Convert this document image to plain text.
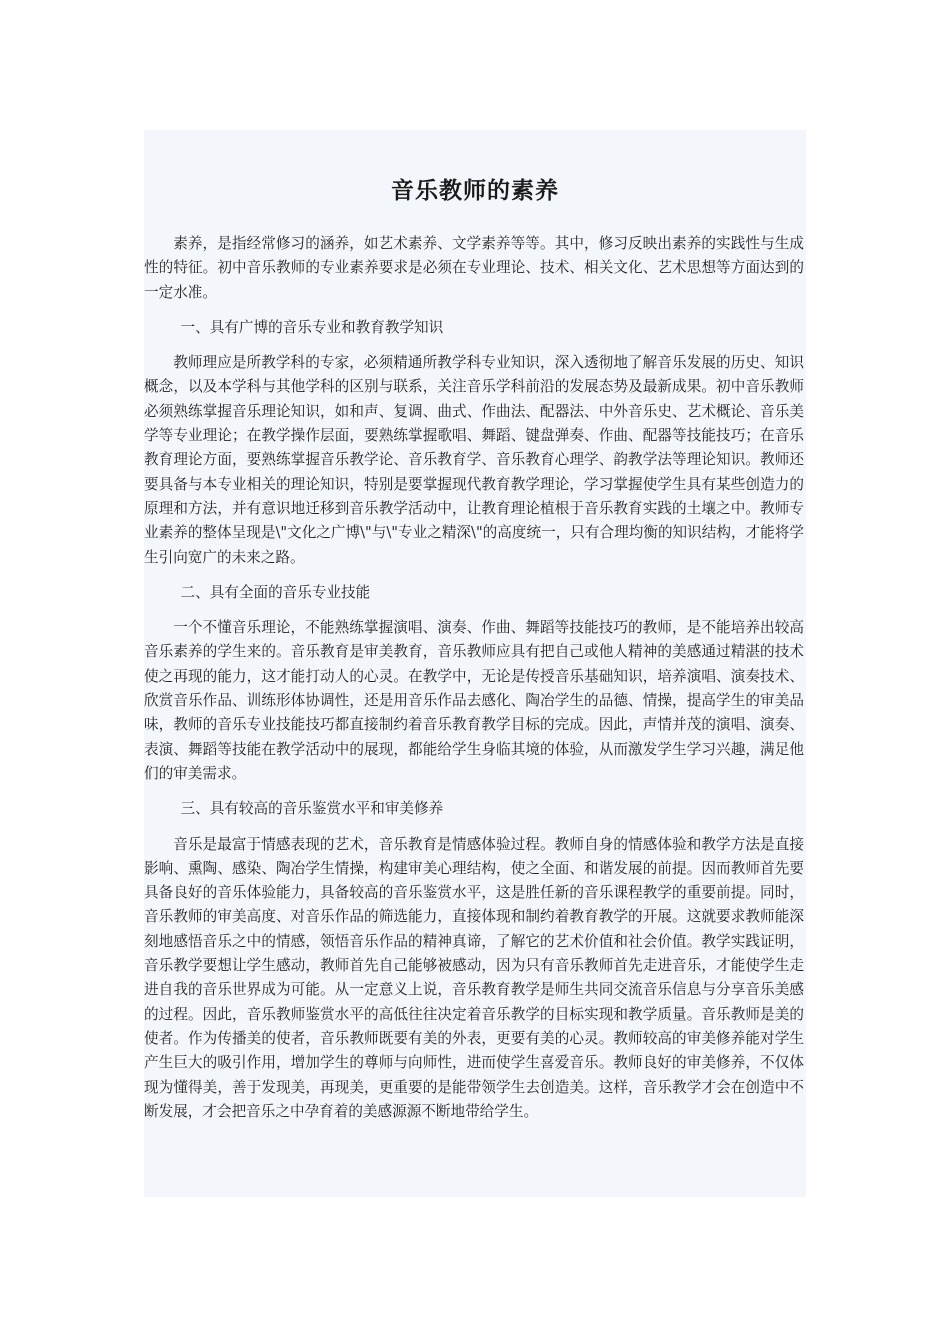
音乐教师的素养

素养，是指经常修习的涵养，如艺术素养、文学素养等等。其中，修习反映出素养的实践性与生成性的特征。初中音乐教师的专业素养要求是必须在专业理论、技术、相关文化、艺术思想等方面达到的一定水准。

一、具有广博的音乐专业和教育教学知识

教师理应是所教学科的专家，必须精通所教学科专业知识，深入透彻地了解音乐发展的历史、知识概念，以及本学科与其他学科的区别与联系，关注音乐学科前沿的发展态势及最新成果。初中音乐教师必须熟练掌握音乐理论知识，如和声、复调、曲式、作曲法、配器法、中外音乐史、艺术概论、音乐美学等专业理论；在教学操作层面，要熟练掌握歌唱、舞蹈、键盘弹奏、作曲、配器等技能技巧；在音乐教育理论方面，要熟练掌握音乐教学论、音乐教育学、音乐教育心理学、韵教学法等理论知识。教师还要具备与本专业相关的理论知识，特别是要掌握现代教育教学理论，学习掌握使学生具有某些创造力的原理和方法，并有意识地迁移到音乐教学活动中，让教育理论植根于音乐教育实践的土壤之中。教师专业素养的整体呈现是\"文化之广博\"与\"专业之精深\"的高度统一，只有合理均衡的知识结构，才能将学生引向宽广的未来之路。

二、具有全面的音乐专业技能

一个不懂音乐理论，不能熟练掌握演唱、演奏、作曲、舞蹈等技能技巧的教师，是不能培养出较高音乐素养的学生来的。音乐教育是审美教育，音乐教师应具有把自己或他人精神的美感通过精湛的技术使之再现的能力，这才能打动人的心灵。在教学中，无论是传授音乐基础知识，培养演唱、演奏技术、欣赏音乐作品、训练形体协调性，还是用音乐作品去感化、陶冶学生的品德、情操，提高学生的审美品味，教师的音乐专业技能技巧都直接制约着音乐教育教学目标的完成。因此，声情并茂的演唱、演奏、表演、舞蹈等技能在教学活动中的展现，都能给学生身临其境的体验，从而激发学生学习兴趣，满足他们的审美需求。

三、具有较高的音乐鉴赏水平和审美修养

音乐是最富于情感表现的艺术，音乐教育是情感体验过程。教师自身的情感体验和教学方法是直接影响、熏陶、感染、陶冶学生情操，构建审美心理结构，使之全面、和谐发展的前提。因而教师首先要具备良好的音乐体验能力，具备较高的音乐鉴赏水平，这是胜任新的音乐课程教学的重要前提。同时，音乐教师的审美高度、对音乐作品的筛选能力，直接体现和制约着教育教学的开展。这就要求教师能深刻地感悟音乐之中的情感，领悟音乐作品的精神真谛，了解它的艺术价值和社会价值。教学实践证明，音乐教学要想让学生感动，教师首先自己能够被感动，因为只有音乐教师首先走进音乐，才能使学生走进自我的音乐世界成为可能。从一定意义上说，音乐教育教学是师生共同交流音乐信息与分享音乐美感的过程。因此，音乐教师鉴赏水平的高低往往决定着音乐教学的目标实现和教学质量。音乐教师是美的使者。作为传播美的使者，音乐教师既要有美的外表，更要有美的心灵。教师较高的审美修养能对学生产生巨大的吸引作用，增加学生的尊师与向师性，进而使学生喜爱音乐。教师良好的审美修养，不仅体现为懂得美，善于发现美，再现美，更重要的是能带领学生去创造美。这样，音乐教学才会在创造中不断发展，才会把音乐之中孕育着的美感源源不断地带给学生。
